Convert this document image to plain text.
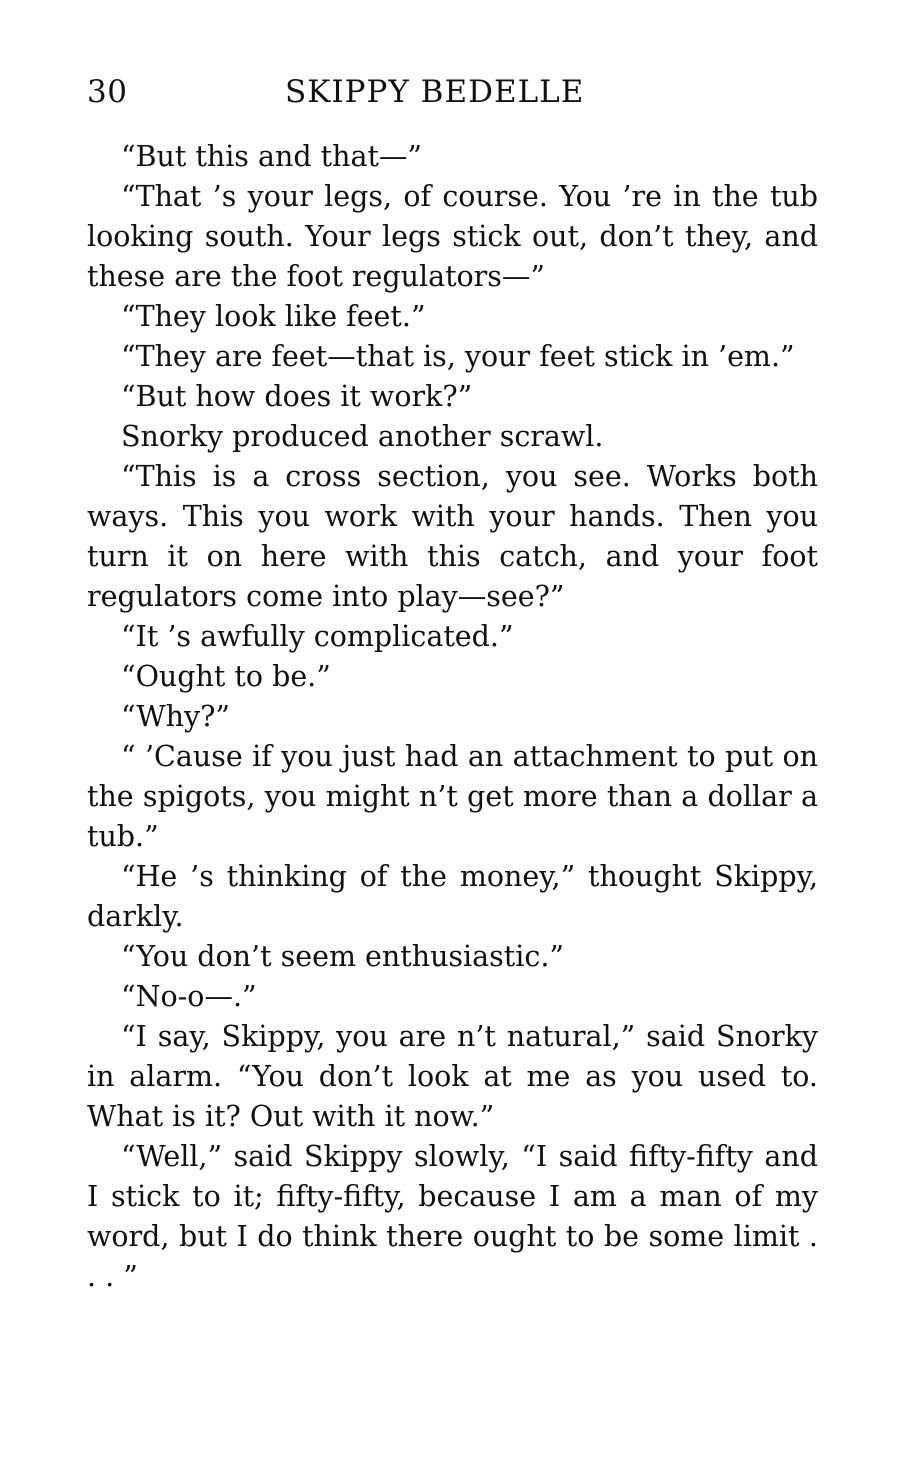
30	SKIPPY BEDELLE

“But this and that—”

“That ’s your legs, of course. You ’re in the tub looking south. Your legs stick out, don’t they, and these are the foot regulators—”

“They look like feet.”

“They are feet—that is, your feet stick in ’em.”

“But how does it work?”

Snorky produced another scrawl.

“This is a cross section, you see. Works both ways. This you work with your hands. Then you turn it on here with this catch, and your foot regulators come into play—see?”

“It ’s awfully complicated.”

“Ought to be.”

“Why?”

“ ’Cause if you just had an attachment to put on the spigots, you might n’t get more than a dollar a tub.”

“He ’s thinking of the money,” thought Skippy, darkly.

“You don’t seem enthusiastic.”

“No-o—.”

“I say, Skippy, you are n’t natural,” said Snorky in alarm. “You don’t look at me as you used to. What is it? Out with it now.”

“Well,” said Skippy slowly, “I said fifty-fifty and I stick to it; fifty-fifty, because I am a man of my word, but I do think there ought to be some limit . . . ”
